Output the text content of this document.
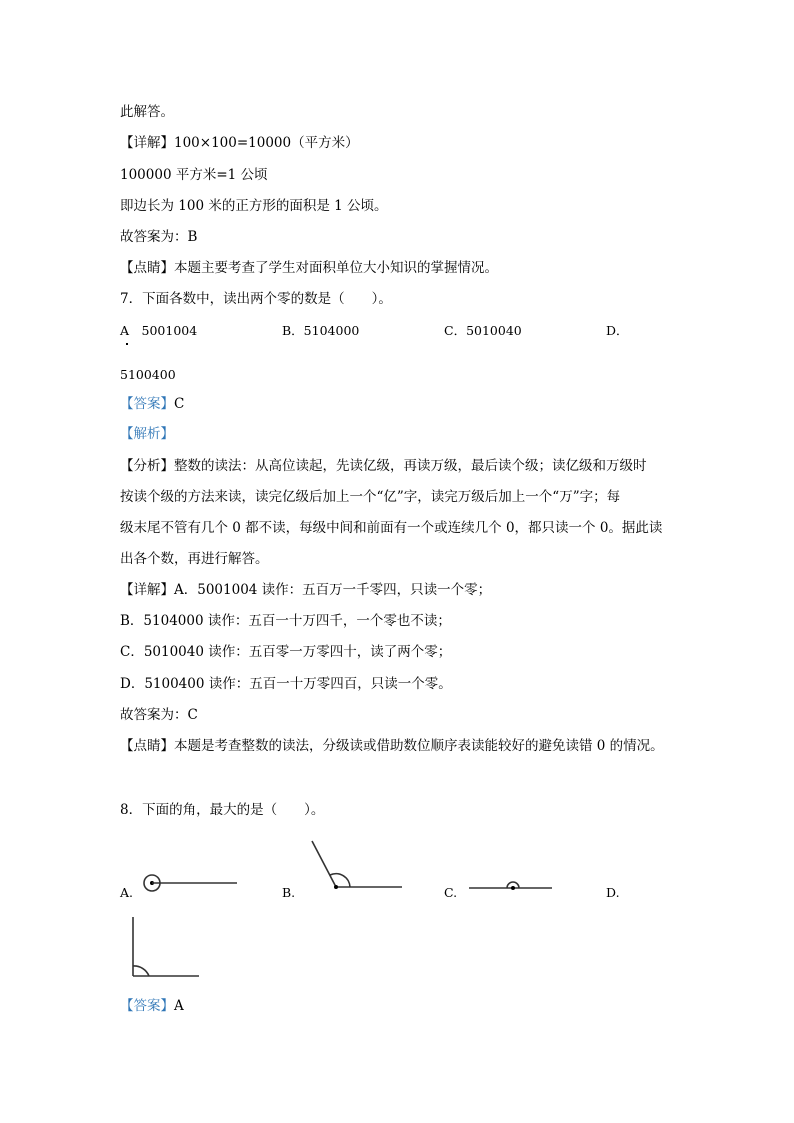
此解答。
【详解】100×100=10000（平方米）
100000 平方米=1 公顷
即边长为 100 米的正方形的面积是 1 公顷。
故答案为：B
【点睛】本题主要考查了学生对面积单位大小知识的掌握情况。
7．下面各数中，读出两个零的数是（　　）。
A　5001004	B．5104000	C．5010040	D．
5100400
【答案】C
【解析】
【分析】整数的读法：从高位读起，先读亿级，再读万级，最后读个级；读亿级和万级时
按读个级的方法来读，读完亿级后加上一个“亿”字，读完万级后加上一个“万”字；每
级末尾不管有几个 0 都不读，每级中间和前面有一个或连续几个 0，都只读一个 0。据此读
出各个数，再进行解答。
【详解】A．5001004 读作：五百万一千零四，只读一个零；
B．5104000 读作：五百一十万四千，一个零也不读；
C．5010040 读作：五百零一万零四十，读了两个零；
D．5100400 读作：五百一十万零四百，只读一个零。
故答案为：C
【点睛】本题是考查整数的读法，分级读或借助数位顺序表读能较好的避免读错 0 的情况。
8．下面的角，最大的是（　　）。
A.	B.	C.	D.
【答案】A
